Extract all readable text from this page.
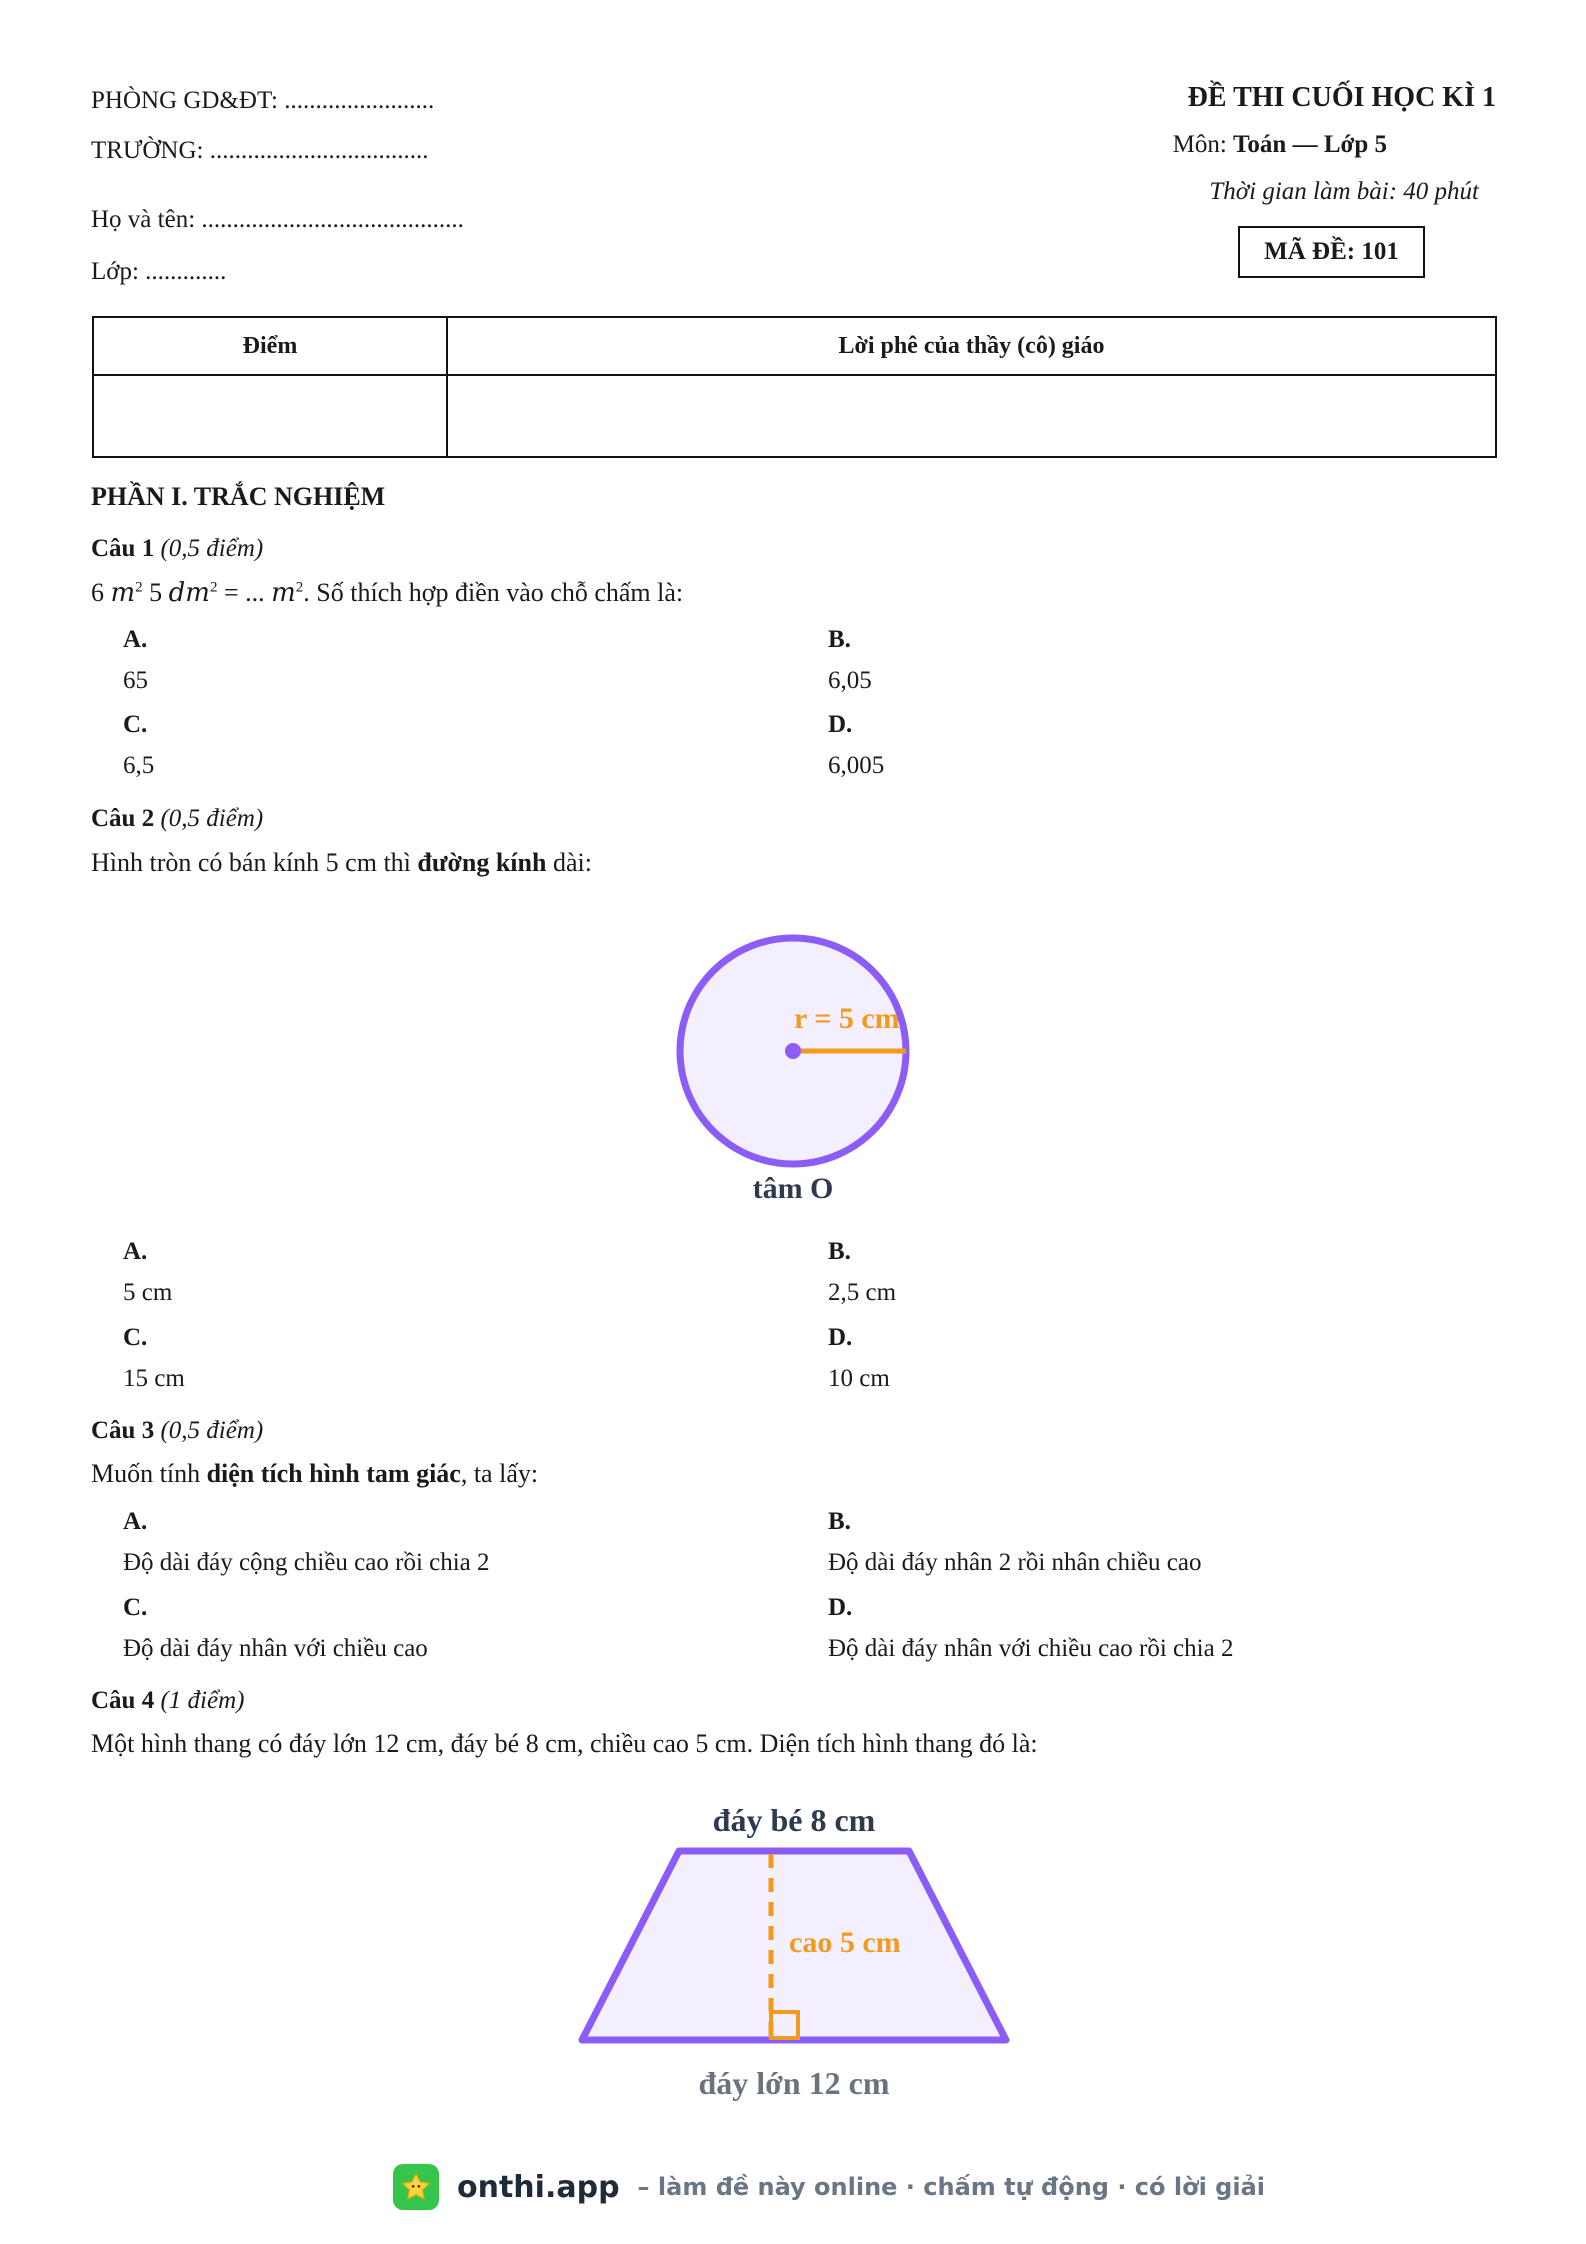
PHÒNG GD&ĐT: ........................
TRƯỜNG: ...................................
Họ và tên: ..........................................
Lớp: .............
ĐỀ THI CUỐI HỌC KÌ 1
Môn: Toán — Lớp 5
Thời gian làm bài: 40 phút
MÃ ĐỀ: 101
Điểm	Lời phê của thầy (cô) giáo

PHẦN I. TRẮC NGHIỆM
Câu 1 (0,5 điểm)
6 $m^2$ 5 $dm^2$ = ... $m^2$. Số thích hợp điền vào chỗ chấm là:
A.
65
B.
6,05
C.
6,5
D.
6,005
Câu 2 (0,5 điểm)
Hình tròn có bán kính 5 cm thì đường kính dài:
r = 5 cm
tâm O
A.
5 cm
B.
2,5 cm
C.
15 cm
D.
10 cm
Câu 3 (0,5 điểm)
Muốn tính diện tích hình tam giác, ta lấy:
A.
Độ dài đáy cộng chiều cao rồi chia 2
B.
Độ dài đáy nhân 2 rồi nhân chiều cao
C.
Độ dài đáy nhân với chiều cao
D.
Độ dài đáy nhân với chiều cao rồi chia 2
Câu 4 (1 điểm)
Một hình thang có đáy lớn 12 cm, đáy bé 8 cm, chiều cao 5 cm. Diện tích hình thang đó là:
đáy bé 8 cm
cao 5 cm
đáy lớn 12 cm
onthi.app – làm đề này online · chấm tự động · có lời giải
